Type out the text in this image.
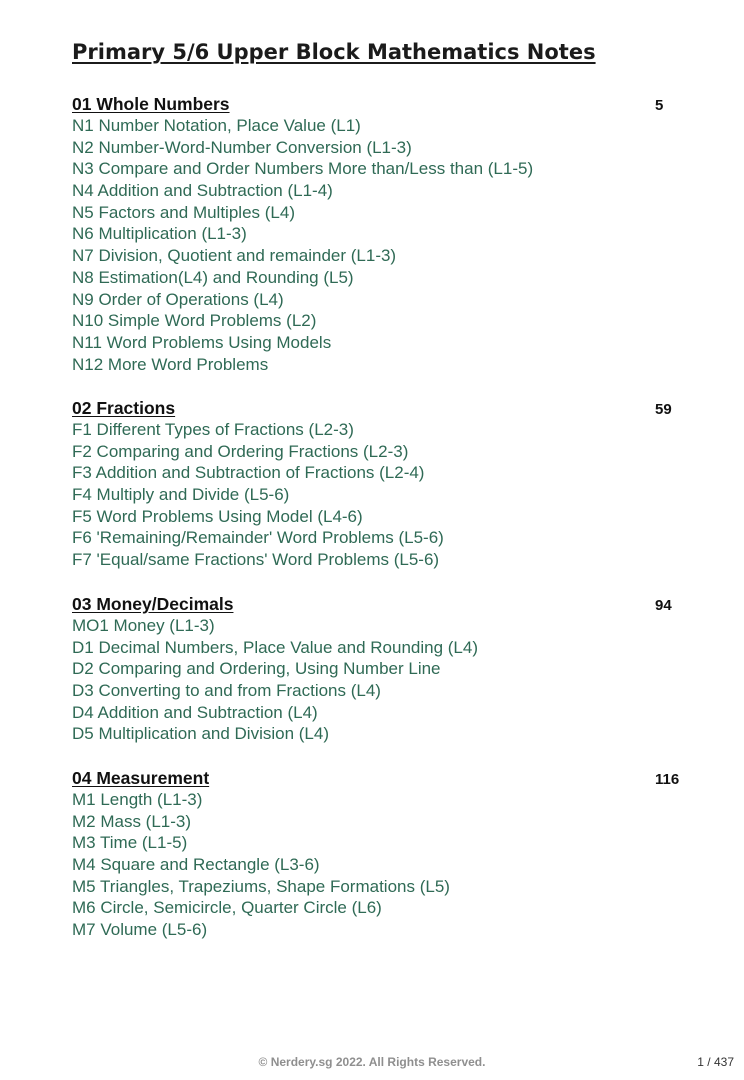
Primary 5/6 Upper Block Mathematics Notes
01 Whole Numbers	5
N1 Number Notation, Place Value (L1)
N2 Number-Word-Number Conversion (L1-3)
N3 Compare and Order Numbers More than/Less than (L1-5)
N4 Addition and Subtraction (L1-4)
N5 Factors and Multiples (L4)
N6 Multiplication (L1-3)
N7 Division, Quotient and remainder (L1-3)
N8 Estimation(L4) and Rounding (L5)
N9 Order of Operations (L4)
N10 Simple Word Problems (L2)
N11 Word Problems Using Models
N12 More Word Problems
02 Fractions	59
F1 Different Types of Fractions (L2-3)
F2 Comparing and Ordering Fractions (L2-3)
F3 Addition and Subtraction of Fractions (L2-4)
F4 Multiply and Divide (L5-6)
F5 Word Problems Using Model (L4-6)
F6 'Remaining/Remainder' Word Problems (L5-6)
F7 'Equal/same Fractions' Word Problems (L5-6)
03 Money/Decimals	94
MO1 Money (L1-3)
D1 Decimal Numbers, Place Value and Rounding (L4)
D2 Comparing and Ordering, Using Number Line
D3 Converting to and from Fractions (L4)
D4 Addition and Subtraction (L4)
D5 Multiplication and Division (L4)
04 Measurement	116
M1 Length (L1-3)
M2 Mass (L1-3)
M3 Time (L1-5)
M4 Square and Rectangle (L3-6)
M5 Triangles, Trapeziums, Shape Formations (L5)
M6 Circle, Semicircle, Quarter Circle (L6)
M7 Volume (L5-6)
© Nerdery.sg 2022. All Rights Reserved.	1 / 437
